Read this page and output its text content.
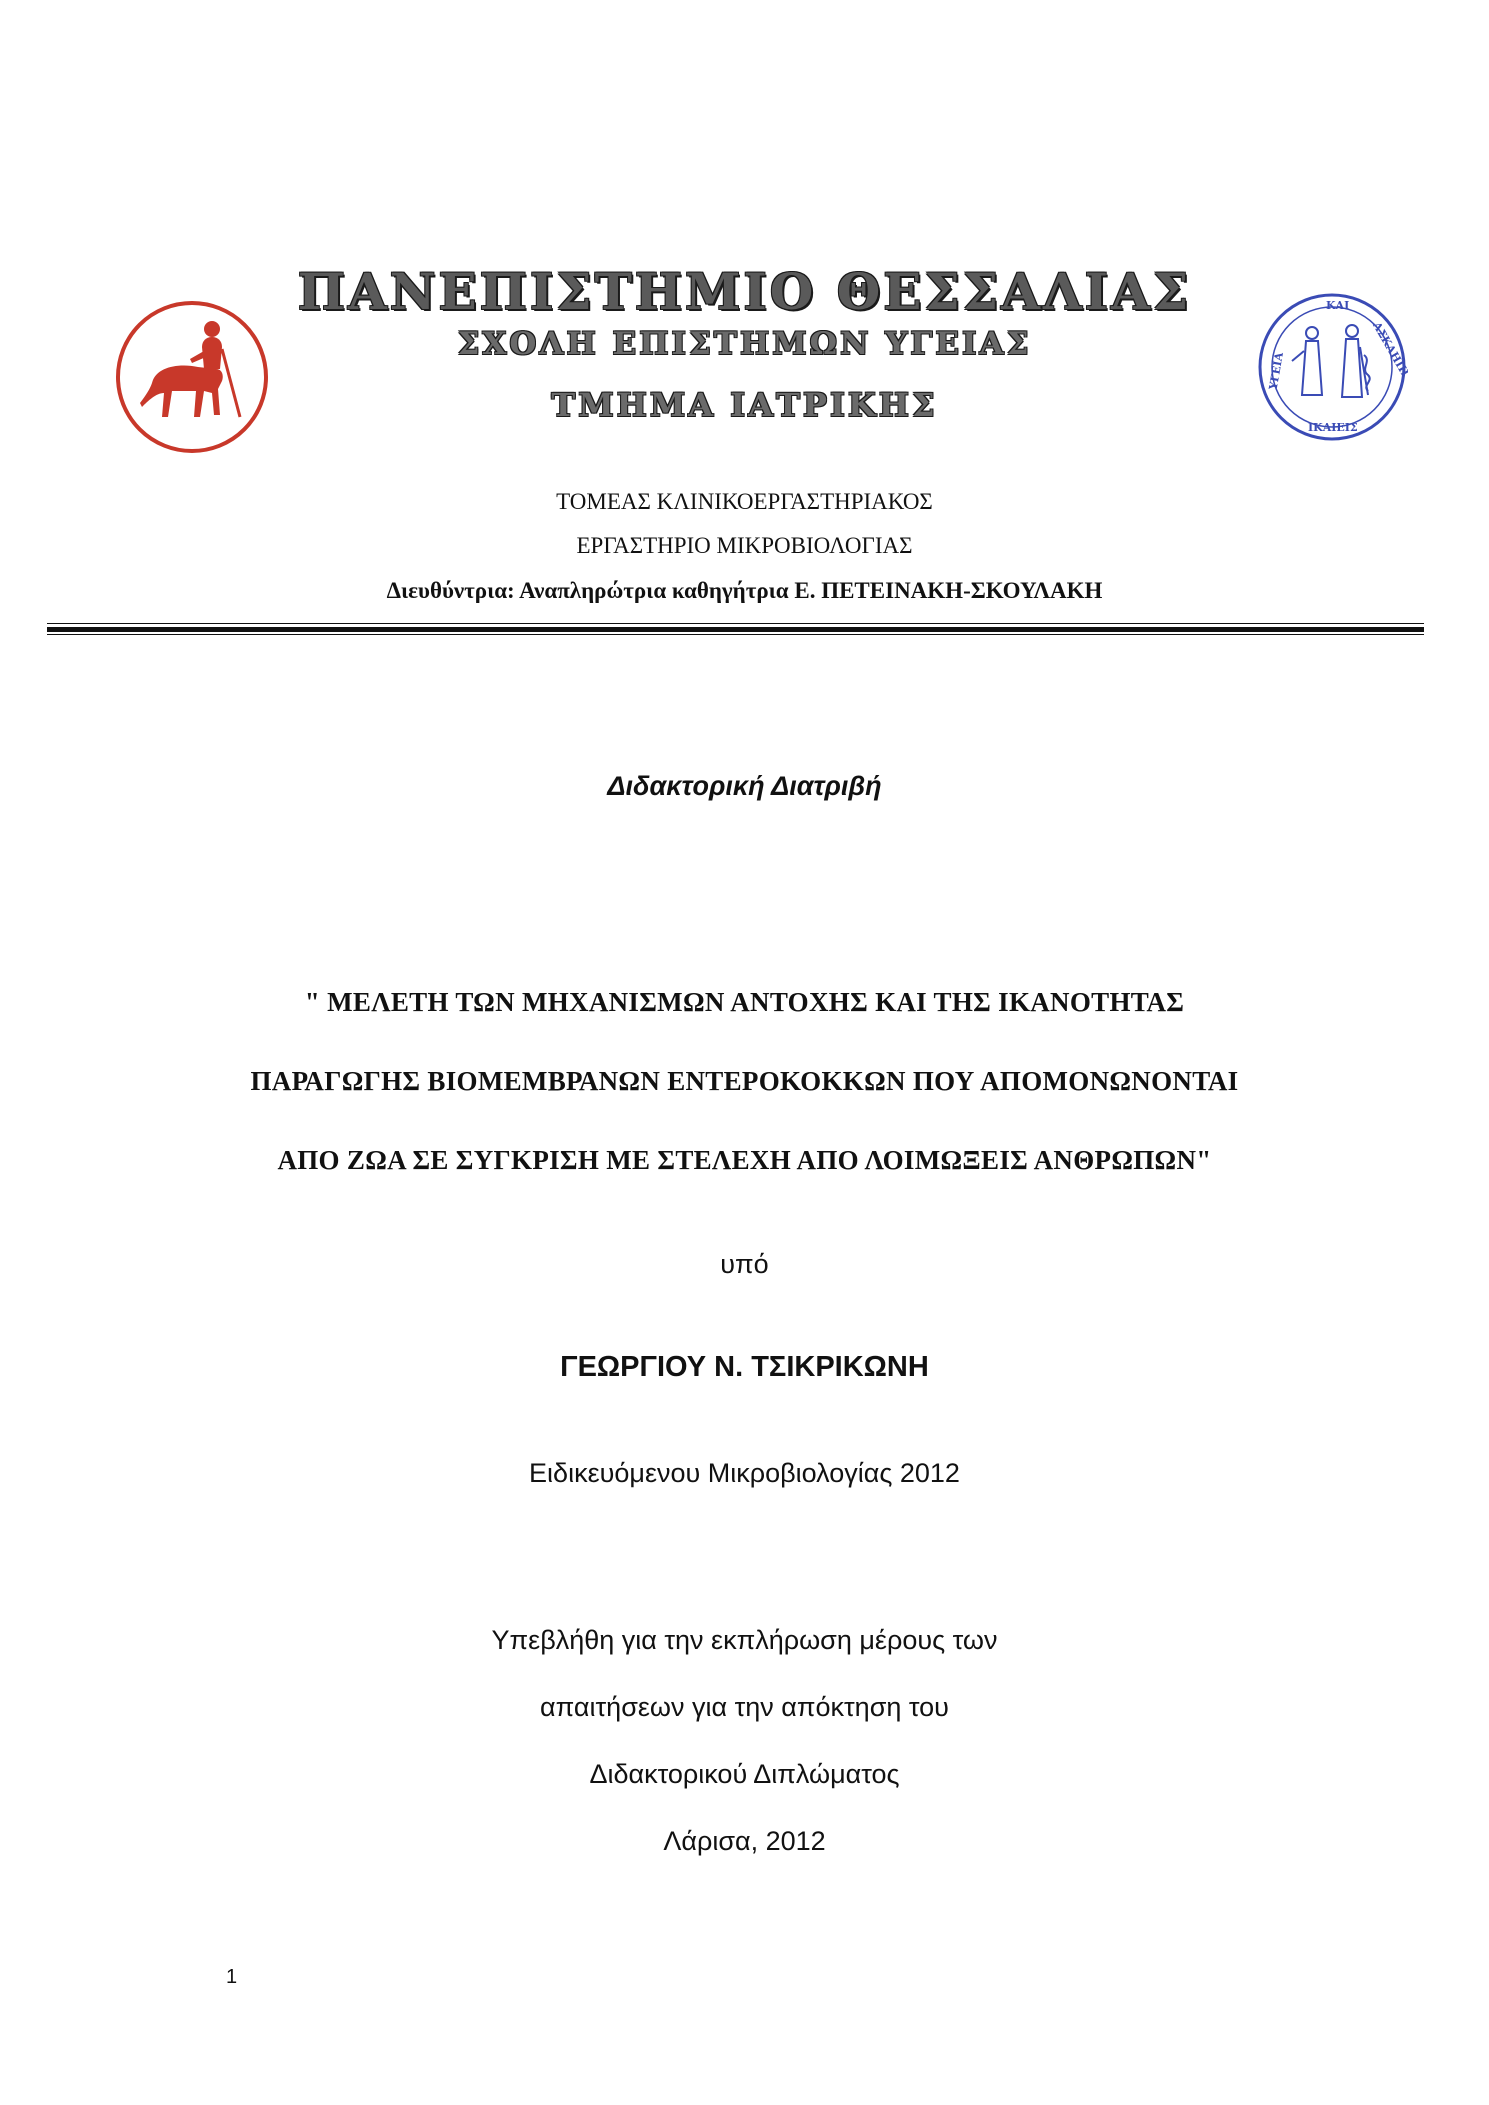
ΠΑΝΕΠΙΣΤΗΜΙΟ ΘΕΣΣΑΛΙΑΣ
ΣΧΟΛΗ ΕΠΙΣΤΗΜΩΝ ΥΓΕΙΑΣ
ΤΜΗΜΑ ΙΑΤΡΙΚΗΣ
ΚΑΙ
ΑΣΚΛΗΠΙ
ΥΓΕΙΑ
ΙΚΑΙΕΙΣ
ΤΟΜΕΑΣ ΚΛΙΝΙΚΟΕΡΓΑΣΤΗΡΙΑΚΟΣ
ΕΡΓΑΣΤΗΡΙΟ ΜΙΚΡΟΒΙΟΛΟΓΙΑΣ
Διευθύντρια: Αναπληρώτρια καθηγήτρια Ε. ΠΕΤΕΙΝΑΚΗ-ΣΚΟΥΛΑΚΗ
Διδακτορική Διατριβή
" ΜΕΛΕΤΗ ΤΩΝ ΜΗΧΑΝΙΣΜΩΝ ΑΝΤΟΧΗΣ ΚΑΙ ΤΗΣ ΙΚΑΝΟΤΗΤΑΣ
ΠΑΡΑΓΩΓΗΣ ΒΙΟΜΕΜΒΡΑΝΩΝ ΕΝΤΕΡΟΚΟΚΚΩΝ ΠΟΥ ΑΠΟΜΟΝΩΝΟΝΤΑΙ
ΑΠΟ ΖΩΑ ΣΕ ΣΥΓΚΡΙΣΗ ΜΕ ΣΤΕΛΕΧΗ ΑΠΟ ΛΟΙΜΩΞΕΙΣ ΑΝΘΡΩΠΩΝ"
υπό
ΓΕΩΡΓΙΟΥ Ν. ΤΣΙΚΡΙΚΩΝΗ
Ειδικευόμενου Μικροβιολογίας 2012
Υπεβλήθη για την εκπλήρωση μέρους των
απαιτήσεων για την απόκτηση του
Διδακτορικού Διπλώματος
Λάρισα, 2012
1
